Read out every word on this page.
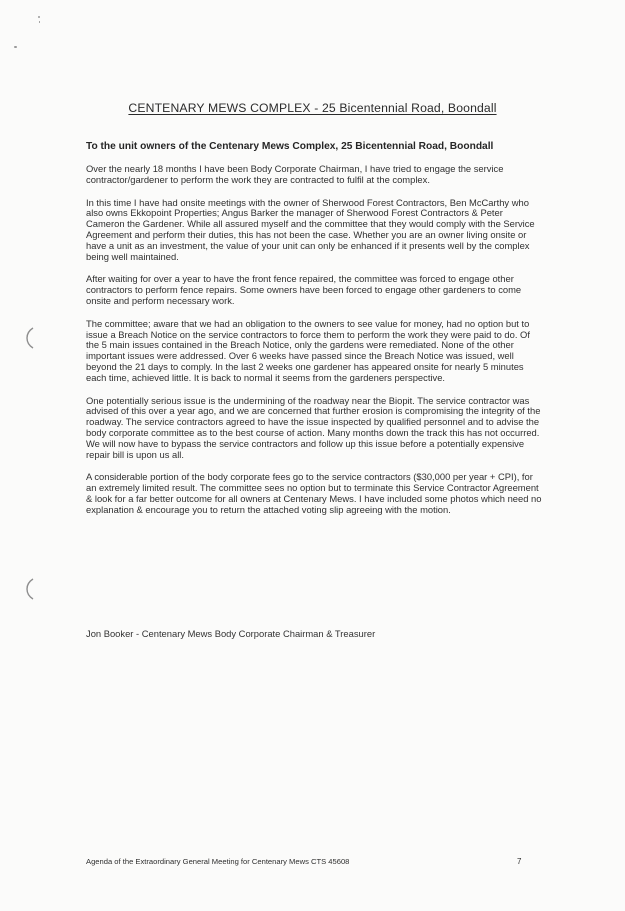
CENTENARY MEWS COMPLEX - 25 Bicentennial Road, Boondall

To the unit owners of the Centenary Mews Complex, 25 Bicentennial Road, Boondall

Over the nearly 18 months I have been Body Corporate Chairman, I have tried to engage the service contractor/gardener to perform the work they are contracted to fulfil at the complex.

In this time I have had onsite meetings with the owner of Sherwood Forest Contractors, Ben McCarthy who also owns Ekkopoint Properties; Angus Barker the manager of Sherwood Forest Contractors & Peter Cameron the Gardener. While all assured myself and the committee that they would comply with the Service Agreement and perform their duties, this has not been the case. Whether you are an owner living onsite or have a unit as an investment, the value of your unit can only be enhanced if it presents well by the complex being well maintained.

After waiting for over a year to have the front fence repaired, the committee was forced to engage other contractors to perform fence repairs. Some owners have been forced to engage other gardeners to come onsite and perform necessary work.

The committee; aware that we had an obligation to the owners to see value for money, had no option but to issue a Breach Notice on the service contractors to force them to perform the work they were paid to do. Of the 5 main issues contained in the Breach Notice, only the gardens were remediated. None of the other important issues were addressed. Over 6 weeks have passed since the Breach Notice was issued, well beyond the 21 days to comply. In the last 2 weeks one gardener has appeared onsite for nearly 5 minutes each time, achieved little. It is back to normal it seems from the gardeners perspective.

One potentially serious issue is the undermining of the roadway near the Biopit. The service contractor was advised of this over a year ago, and we are concerned that further erosion is compromising the integrity of the roadway. The service contractors agreed to have the issue inspected by qualified personnel and to advise the body corporate committee as to the best course of action. Many months down the track this has not occurred. We will now have to bypass the service contractors and follow up this issue before a potentially expensive repair bill is upon us all.

A considerable portion of the body corporate fees go to the service contractors ($30,000 per year + CPI), for an extremely limited result. The committee sees no option but to terminate this Service Contractor Agreement & look for a far better outcome for all owners at Centenary Mews. I have included some photos which need no explanation & encourage you to return the attached voting slip agreeing with the motion.

Jon Booker - Centenary Mews Body Corporate Chairman & Treasurer
Agenda of the Extraordinary General Meeting for Centenary Mews CTS 45608	7
